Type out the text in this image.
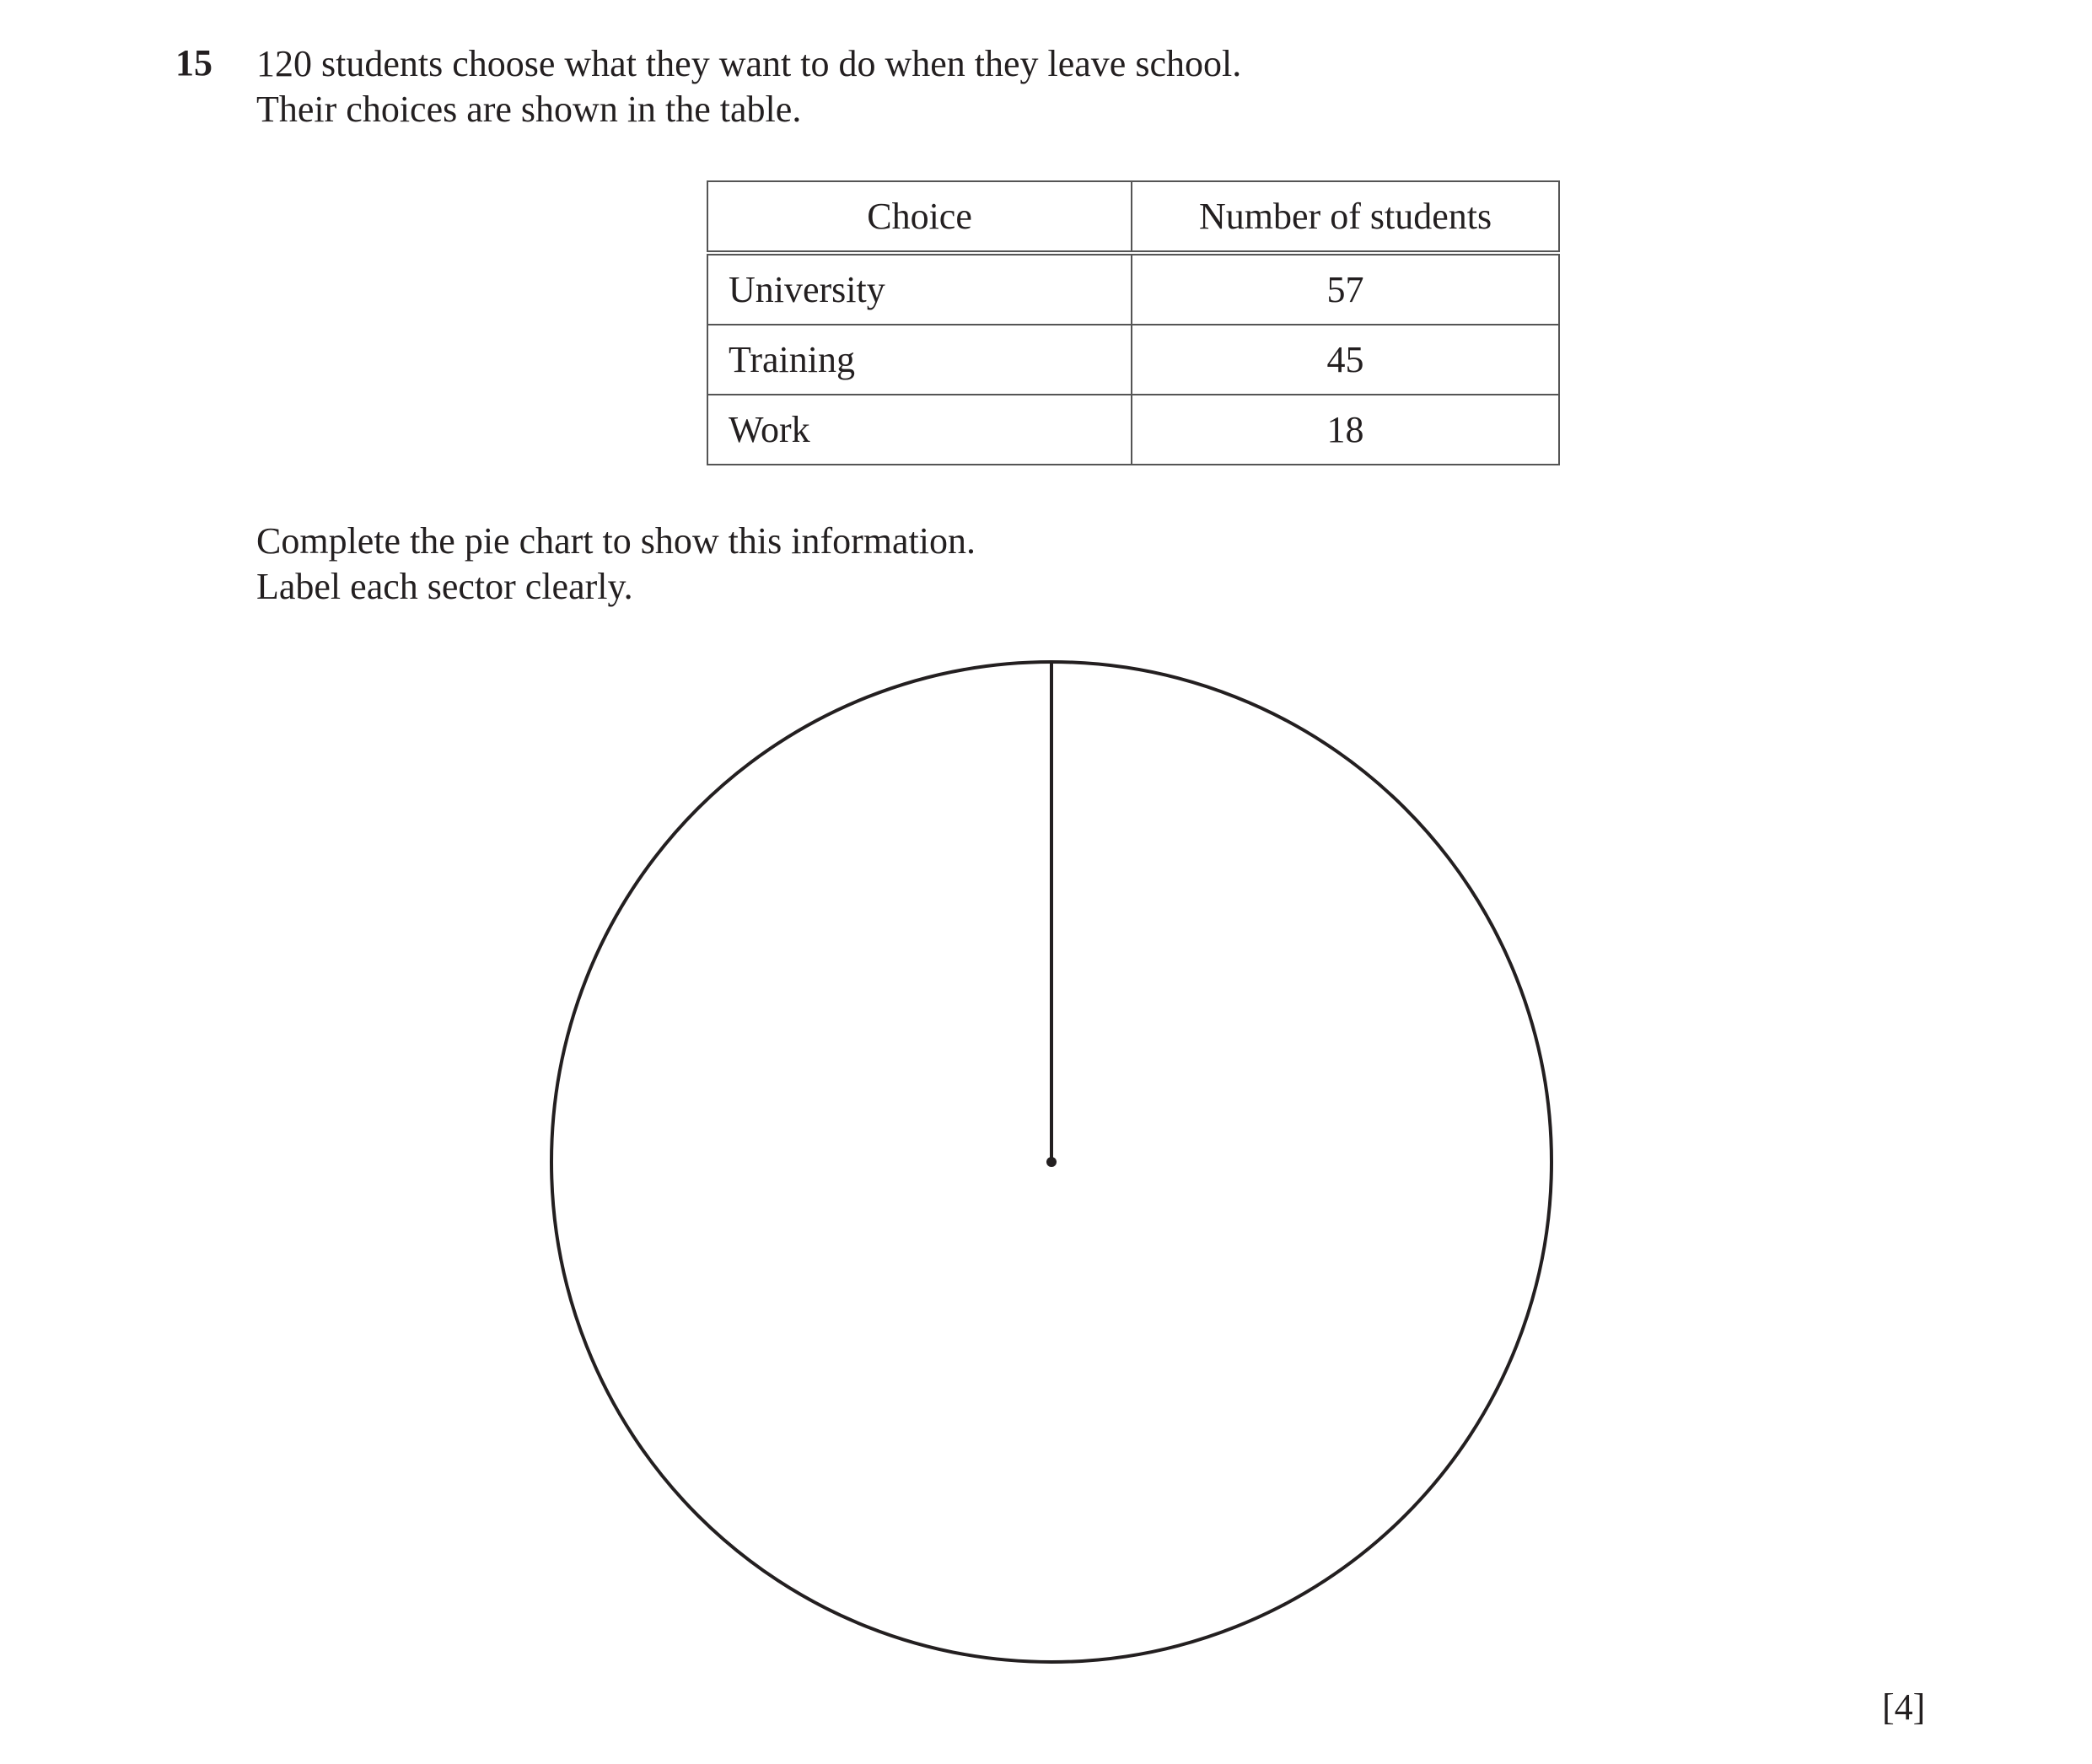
15 120 students choose what they want to do when they leave school.
Their choices are shown in the table.
Choice	Number of students
University	57
Training	45
Work	18
Complete the pie chart to show this information.
Label each sector clearly.
[4]
